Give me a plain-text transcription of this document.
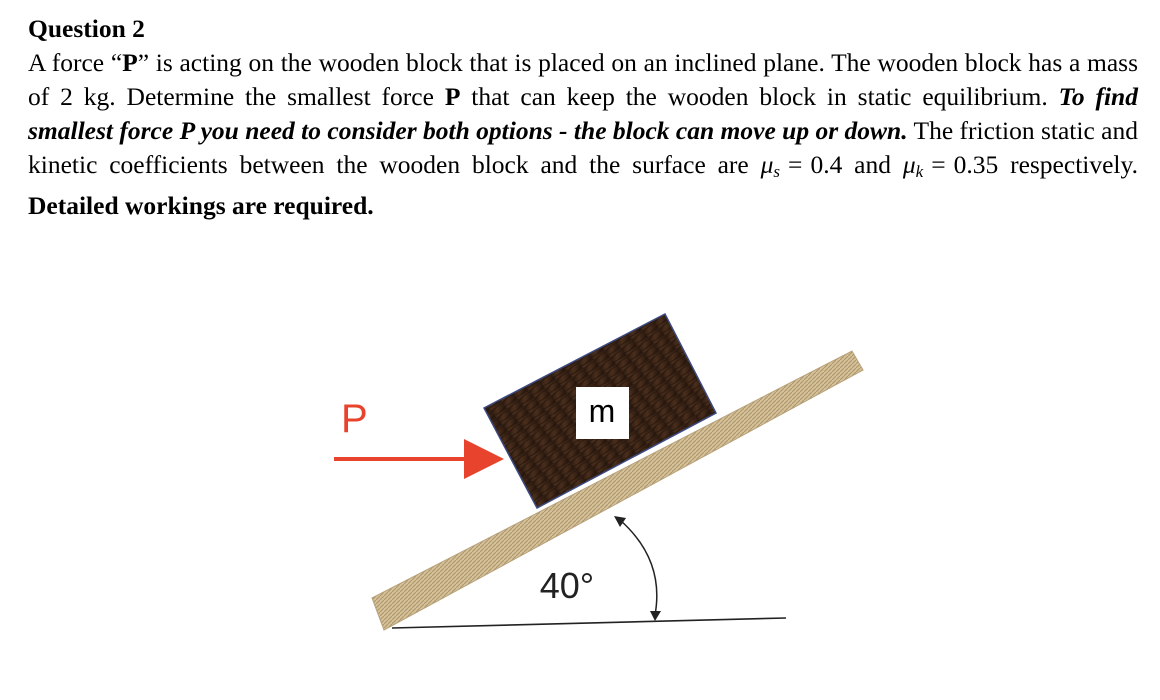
Question 2
A force “P” is acting on the wooden block that is placed on an inclined plane. The wooden block has a mass of 2 kg. Determine the smallest force P that can keep the wooden block in static equilibrium. To find smallest force P you need to consider both options - the block can move up or down. The friction static and kinetic coefficients between the wooden block and the surface are $\mu_s = 0.4$ and $\mu_k = 0.35$ respectively. Detailed workings are required.
m
P
40°
